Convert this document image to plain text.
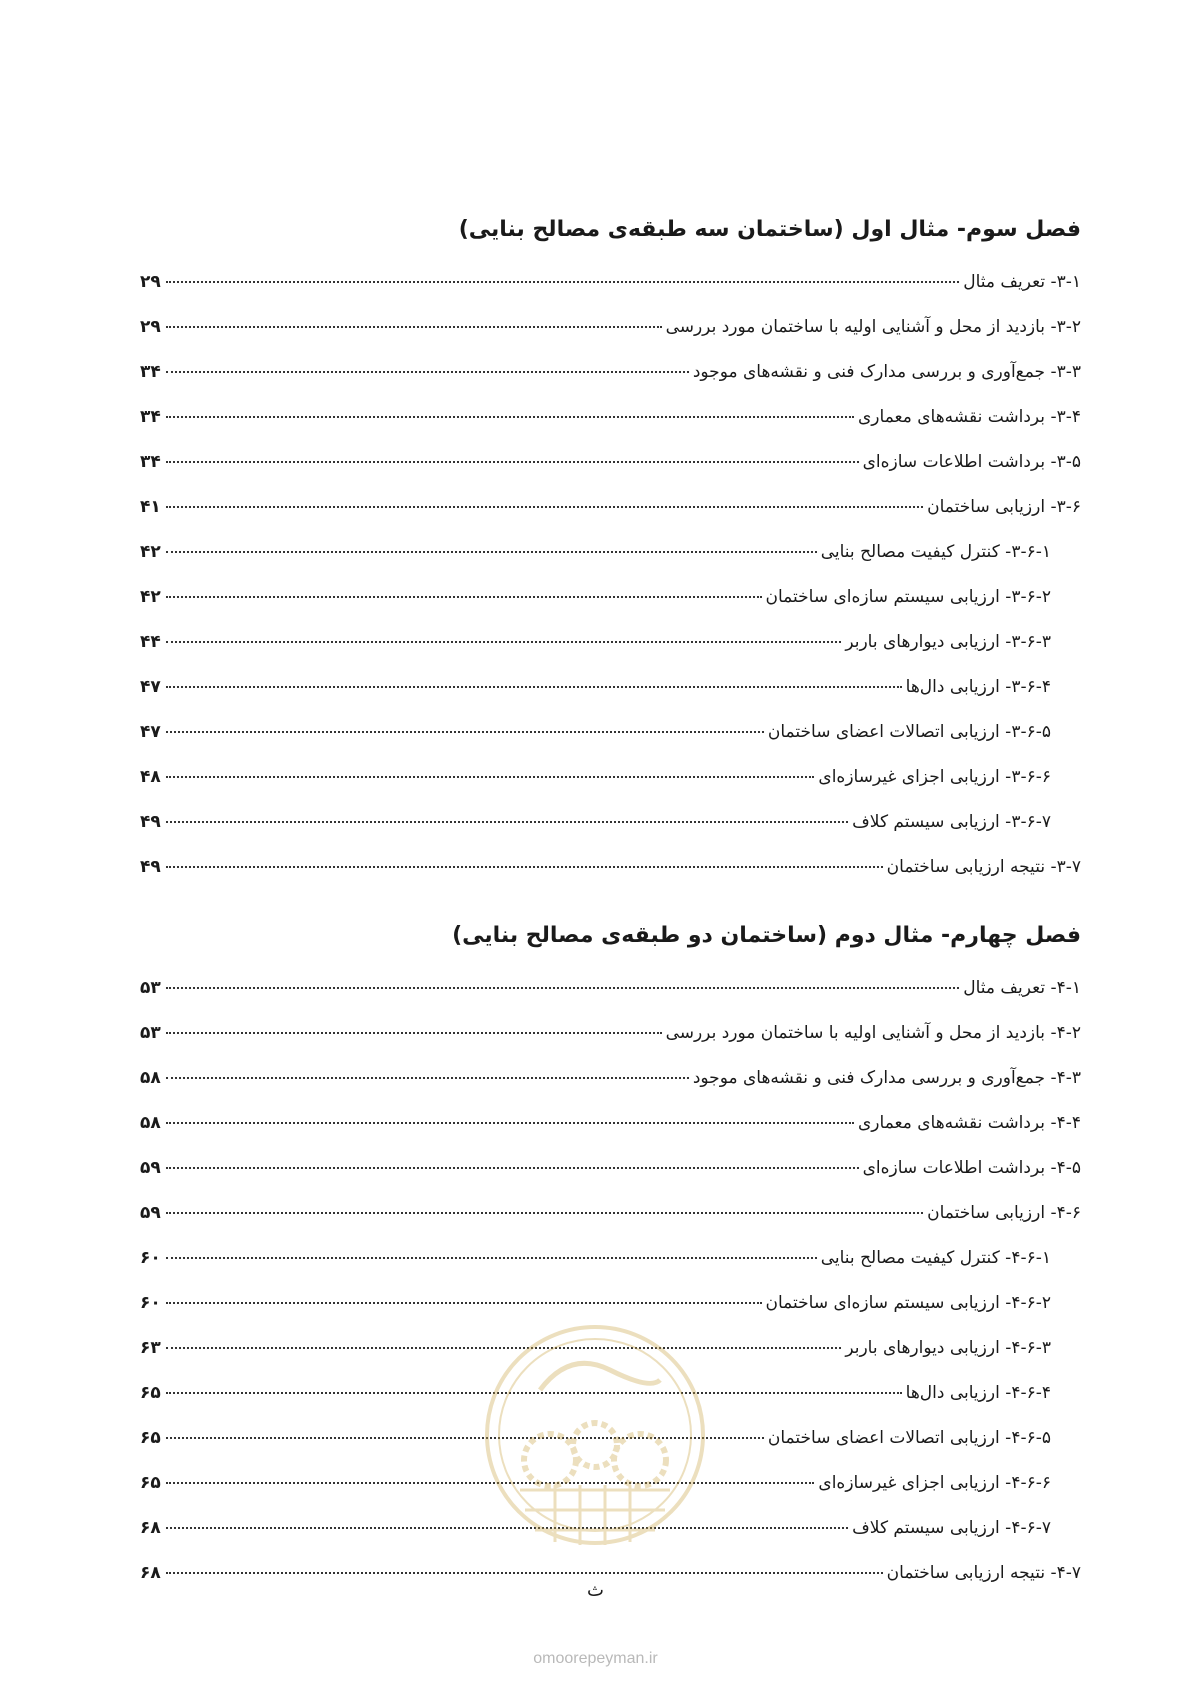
فصل سوم- مثال اول (ساختمان سه طبقه‌ی مصالح بنایی)
۳-۱- تعریف مثال
۲۹
۳-۲- بازدید از محل و آشنایی اولیه با ساختمان مورد بررسی
۲۹
۳-۳- جمع‌آوری و بررسی مدارک فنی و نقشه‌های موجود
۳۴
۳-۴- برداشت نقشه‌های معماری
۳۴
۳-۵- برداشت اطلاعات سازه‌ای
۳۴
۳-۶- ارزیابی ساختمان
۴۱
۳-۶-۱- کنترل کیفیت مصالح بنایی
۴۲
۳-۶-۲- ارزیابی سیستم سازه‌ای ساختمان
۴۲
۳-۶-۳- ارزیابی دیوارهای باربر
۴۴
۳-۶-۴- ارزیابی دال‌ها
۴۷
۳-۶-۵- ارزیابی اتصالات اعضای ساختمان
۴۷
۳-۶-۶- ارزیابی اجزای غیرسازه‌ای
۴۸
۳-۶-۷- ارزیابی سیستم کلاف
۴۹
۳-۷- نتیجه ارزیابی ساختمان
۴۹
فصل چهارم- مثال دوم (ساختمان دو طبقه‌ی مصالح بنایی)
۴-۱- تعریف مثال
۵۳
۴-۲- بازدید از محل و آشنایی اولیه با ساختمان مورد بررسی
۵۳
۴-۳- جمع‌آوری و بررسی مدارک فنی و نقشه‌های موجود
۵۸
۴-۴- برداشت نقشه‌های معماری
۵۸
۴-۵- برداشت اطلاعات سازه‌ای
۵۹
۴-۶- ارزیابی ساختمان
۵۹
۴-۶-۱- کنترل کیفیت مصالح بنایی
۶۰
۴-۶-۲- ارزیابی سیستم سازه‌ای ساختمان
۶۰
۴-۶-۳- ارزیابی دیوارهای باربر
۶۳
۴-۶-۴- ارزیابی دال‌ها
۶۵
۴-۶-۵- ارزیابی اتصالات اعضای ساختمان
۶۵
۴-۶-۶- ارزیابی اجزای غیرسازه‌ای
۶۵
۴-۶-۷- ارزیابی سیستم کلاف
۶۸
۴-۷- نتیجه ارزیابی ساختمان
۶۸
ث
omoorepeyman.ir
